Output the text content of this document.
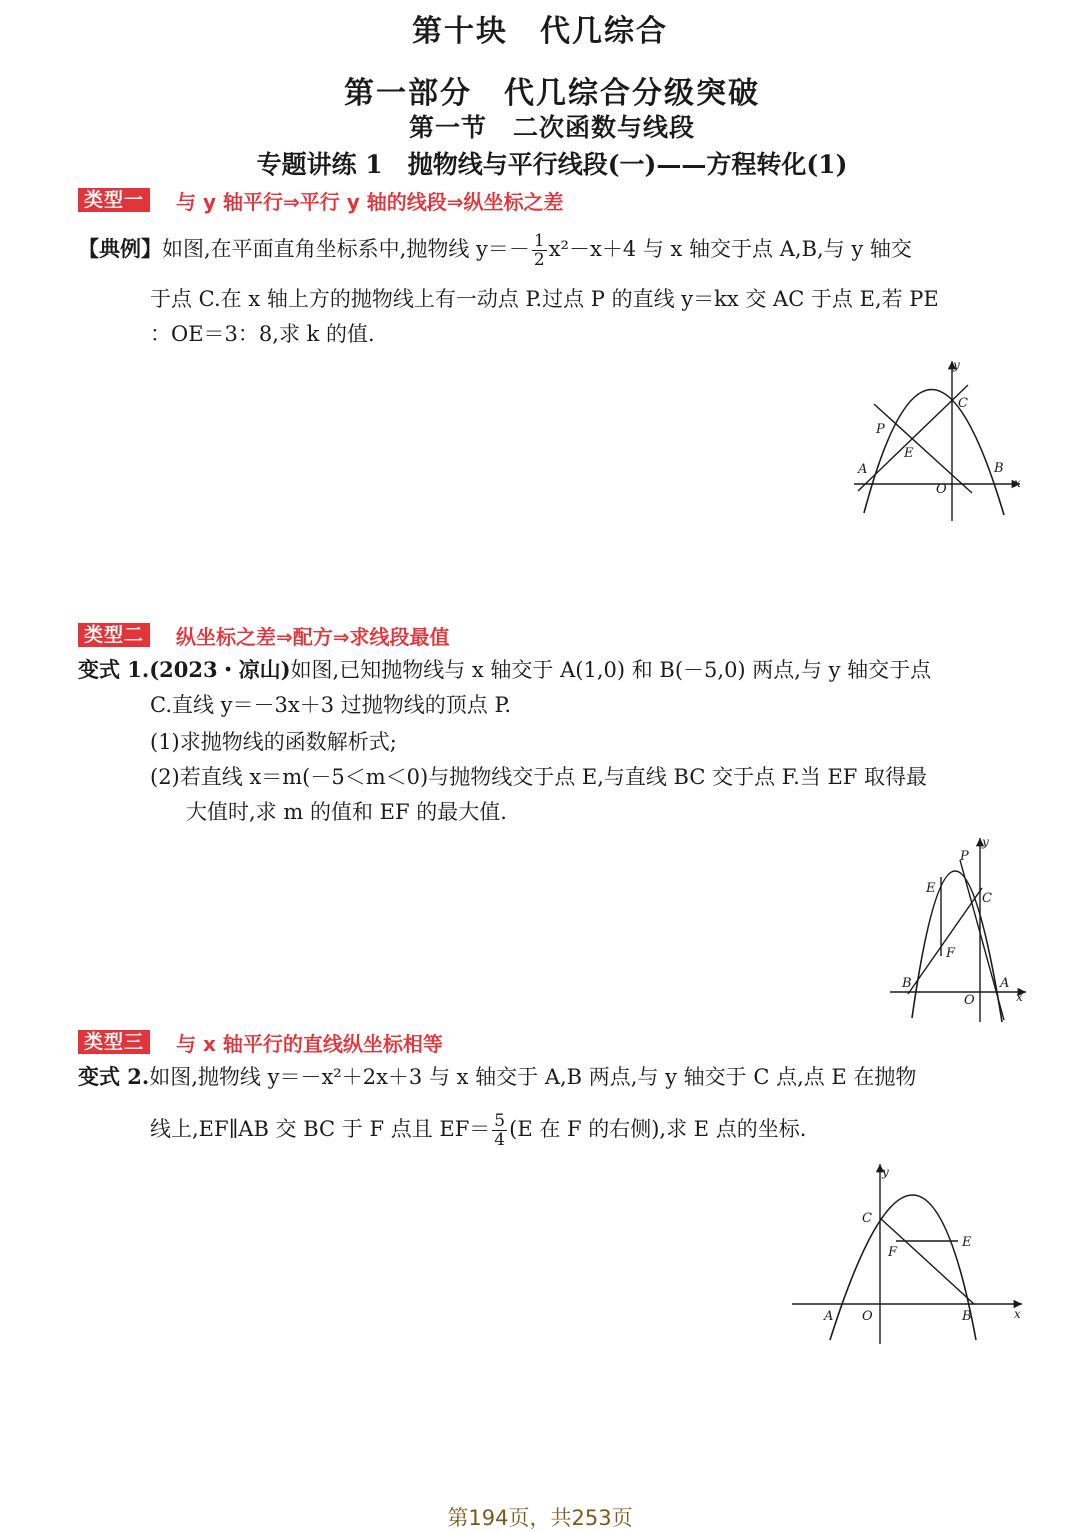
第十块　代几综合
第一部分　代几综合分级突破
第一节　二次函数与线段
专题讲练 1　抛物线与平行线段(一)——方程转化(1)
类型一	与 y 轴平行⇒平行 y 轴的线段⇒纵坐标之差
【典例】如图,在平面直角坐标系中,抛物线 $y=- \frac{1}{2} x^2-x+4$ 与 x 轴交于点 A,B,与 y 轴交
于点 C.在 x 轴上方的抛物线上有一动点 P.过点 P 的直线 y＝kx 交 AC 于点 E,若 PE
：OE＝3：8,求 k 的值.
y
x
C
P
E
A	B
O
类型二	纵坐标之差⇒配方⇒求线段最值
变式 1.(2023・凉山)如图,已知抛物线与 x 轴交于 A(1,0) 和 B(－5,0) 两点,与 y 轴交于点
C.直线 y＝－3x＋3 过抛物线的顶点 P.
(1)求抛物线的函数解析式;
(2)若直线 x＝m(－5＜m＜0)与抛物线交于点 E,与直线 BC 交于点 F.当 EF 取得最
大值时,求 m 的值和 EF 的最大值.
y
x
P
E
C
F
B	A
O
类型三	与 x 轴平行的直线纵坐标相等
变式 2.如图,抛物线 y＝－x²＋2x＋3 与 x 轴交于 A,B 两点,与 y 轴交于 C 点,点 E 在抛物
线上,EF∥AB 交 BC 于 F 点且 $EF= \frac{5}{4} (E$ 在 F 的右侧),求 E 点的坐标.
y
x
C
F
E
A O	B
第194页，共253页
